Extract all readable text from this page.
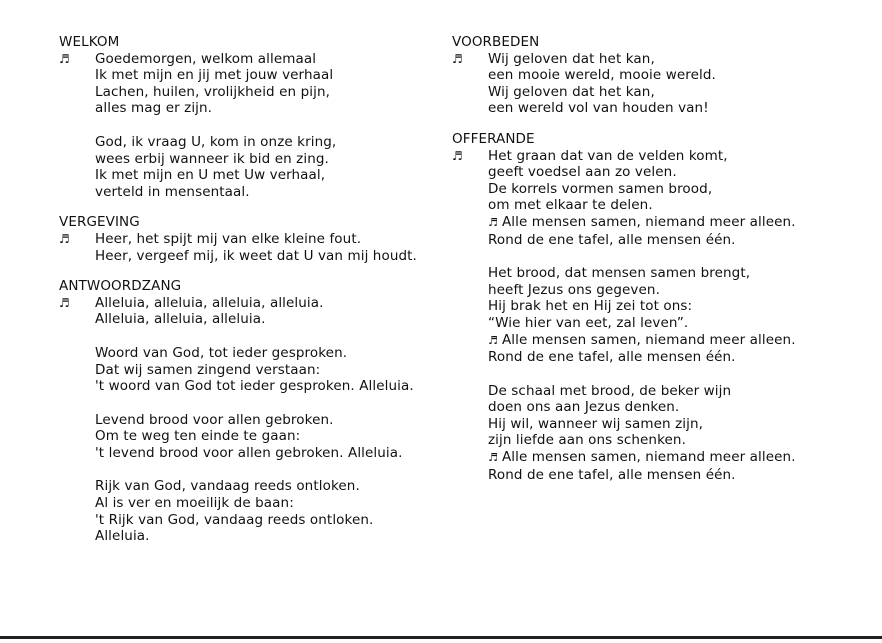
WELKOM
♬ Goedemorgen, welkom allemaal
Ik met mijn en jij met jouw verhaal
Lachen, huilen, vrolijkheid en pijn,
alles mag er zijn.
God, ik vraag U, kom in onze kring,
wees erbij wanneer ik bid en zing.
Ik met mijn en U met Uw verhaal,
verteld in mensentaal.
VERGEVING
♬ Heer, het spijt mij van elke kleine fout.
Heer, vergeef mij, ik weet dat U van mij houdt.
ANTWOORDZANG
♬ Alleluia, alleluia, alleluia, alleluia.
Alleluia, alleluia, alleluia.
Woord van God, tot ieder gesproken.
Dat wij samen zingend verstaan:
't woord van God tot ieder gesproken. Alleluia.
Levend brood voor allen gebroken.
Om te weg ten einde te gaan:
't levend brood voor allen gebroken. Alleluia.
Rijk van God, vandaag reeds ontloken.
Al is ver en moeilijk de baan:
't Rijk van God, vandaag reeds ontloken.
Alleluia.
VOORBEDEN
♬ Wij geloven dat het kan,
een mooie wereld, mooie wereld.
Wij geloven dat het kan,
een wereld vol van houden van!
OFFERANDE
♬ Het graan dat van de velden komt,
geeft voedsel aan zo velen.
De korrels vormen samen brood,
om met elkaar te delen.
♬ Alle mensen samen, niemand meer alleen.
Rond de ene tafel, alle mensen één.
Het brood, dat mensen samen brengt,
heeft Jezus ons gegeven.
Hij brak het en Hij zei tot ons:
“Wie hier van eet, zal leven”.
♬ Alle mensen samen, niemand meer alleen.
Rond de ene tafel, alle mensen één.
De schaal met brood, de beker wijn
doen ons aan Jezus denken.
Hij wil, wanneer wij samen zijn,
zijn liefde aan ons schenken.
♬ Alle mensen samen, niemand meer alleen.
Rond de ene tafel, alle mensen één.
